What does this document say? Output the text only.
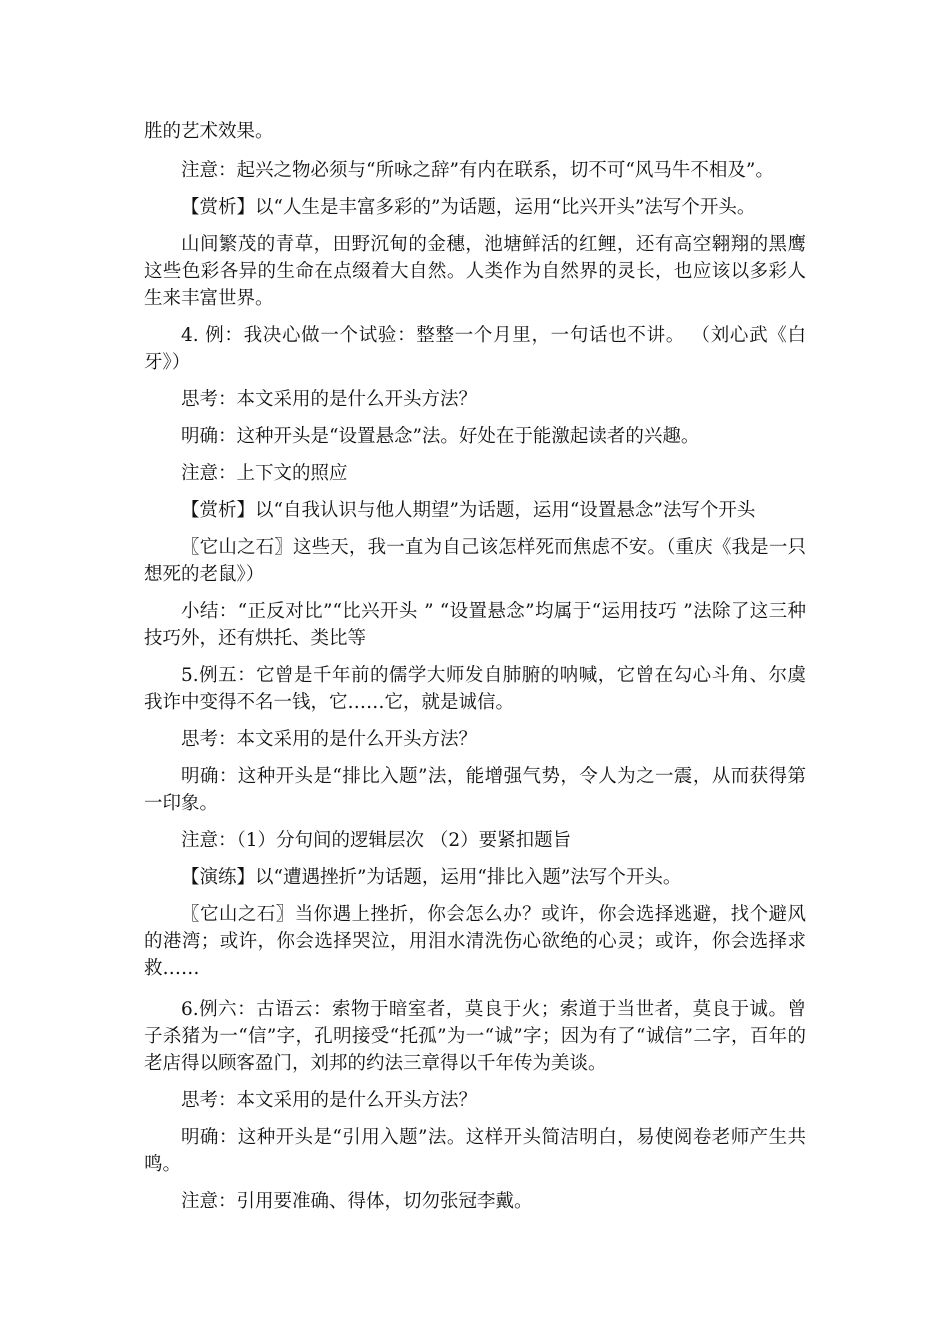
胜的艺术效果。

注意：起兴之物必须与“所咏之辞”有内在联系，切不可“风马牛不相及”。

【赏析】以“人生是丰富多彩的”为话题，运用“比兴开头”法写个开头。

山间繁茂的青草，田野沉甸的金穗，池塘鲜活的红鲤，还有高空翱翔的黑鹰这些色彩各异的生命在点缀着大自然。人类作为自然界的灵长，也应该以多彩人生来丰富世界。

4. 例：我决心做一个试验：整整一个月里，一句话也不讲。 （刘心武《白牙》）

思考：本文采用的是什么开头方法？

明确：这种开头是“设置悬念”法。好处在于能激起读者的兴趣。

注意：上下文的照应

【赏析】以“自我认识与他人期望”为话题，运用“设置悬念”法写个开头

〖它山之石〗这些天，我一直为自己该怎样死而焦虑不安。（重庆《我是一只想死的老鼠》）

小结：“正反对比”“比兴开头 ” “设置悬念”均属于“运用技巧 ”法除了这三种技巧外，还有烘托、类比等

5.例五：它曾是千年前的儒学大师发自肺腑的呐喊，它曾在勾心斗角、尔虞我诈中变得不名一钱，它……它，就是诚信。

思考：本文采用的是什么开头方法？

明确：这种开头是“排比入题”法，能增强气势，令人为之一震，从而获得第一印象。

注意：（1）分句间的逻辑层次 （2）要紧扣题旨

【演练】以“遭遇挫折”为话题，运用“排比入题”法写个开头。

〖它山之石〗当你遇上挫折，你会怎么办？或许，你会选择逃避，找个避风的港湾；或许，你会选择哭泣，用泪水清洗伤心欲绝的心灵；或许，你会选择求救……

6.例六：古语云：索物于暗室者，莫良于火；索道于当世者，莫良于诚。曾子杀猪为一“信”字，孔明接受“托孤”为一“诚”字；因为有了“诚信”二字，百年的老店得以顾客盈门，刘邦的约法三章得以千年传为美谈。

思考：本文采用的是什么开头方法？

明确：这种开头是“引用入题”法。这样开头简洁明白，易使阅卷老师产生共鸣。

注意：引用要准确、得体，切勿张冠李戴。
